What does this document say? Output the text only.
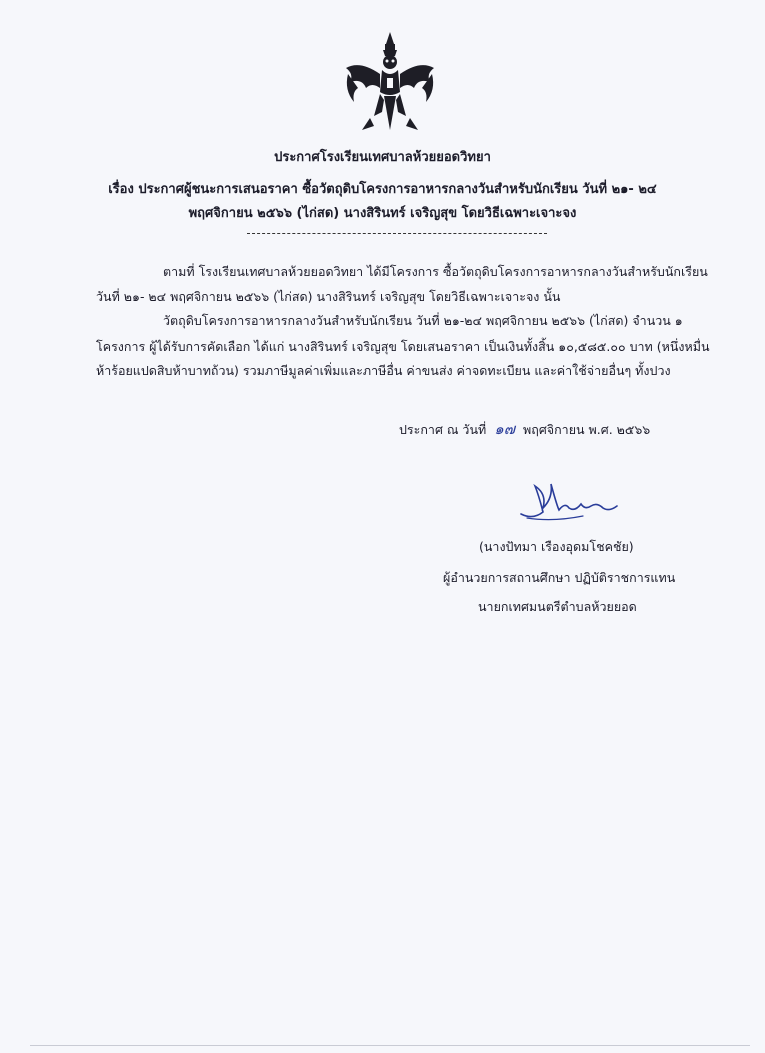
ประกาศโรงเรียนเทศบาลห้วยยอดวิทยา
เรื่อง ประกาศผู้ชนะการเสนอราคา ซื้อวัตถุดิบโครงการอาหารกลางวันสำหรับนักเรียน วันที่ ๒๑- ๒๔
พฤศจิกายน ๒๕๖๖ (ไก่สด) นางสิรินทร์ เจริญสุข โดยวิธีเฉพาะเจาะจง
ตามที่ โรงเรียนเทศบาลห้วยยอดวิทยา ได้มีโครงการ ซื้อวัตถุดิบโครงการอาหารกลางวันสำหรับนักเรียน
วันที่ ๒๑- ๒๔ พฤศจิกายน ๒๕๖๖ (ไก่สด) นางสิรินทร์ เจริญสุข โดยวิธีเฉพาะเจาะจง นั้น
วัตถุดิบโครงการอาหารกลางวันสำหรับนักเรียน วันที่ ๒๑-๒๔ พฤศจิกายน ๒๕๖๖ (ไก่สด) จำนวน ๑
โครงการ ผู้ได้รับการคัดเลือก ได้แก่ นางสิรินทร์ เจริญสุข โดยเสนอราคา เป็นเงินทั้งสิ้น ๑๐,๕๘๕.๐๐ บาท (หนึ่งหมื่น
ห้าร้อยแปดสิบห้าบาทถ้วน) รวมภาษีมูลค่าเพิ่มและภาษีอื่น ค่าขนส่ง ค่าจดทะเบียน และค่าใช้จ่ายอื่นๆ ทั้งปวง
ประกาศ ณ วันที่ ๑๗ พฤศจิกายน พ.ศ. ๒๕๖๖
(นางปัทมา เรืองอุดมโชคชัย)
ผู้อำนวยการสถานศึกษา ปฏิบัติราชการแทน
นายกเทศมนตรีตำบลห้วยยอด
